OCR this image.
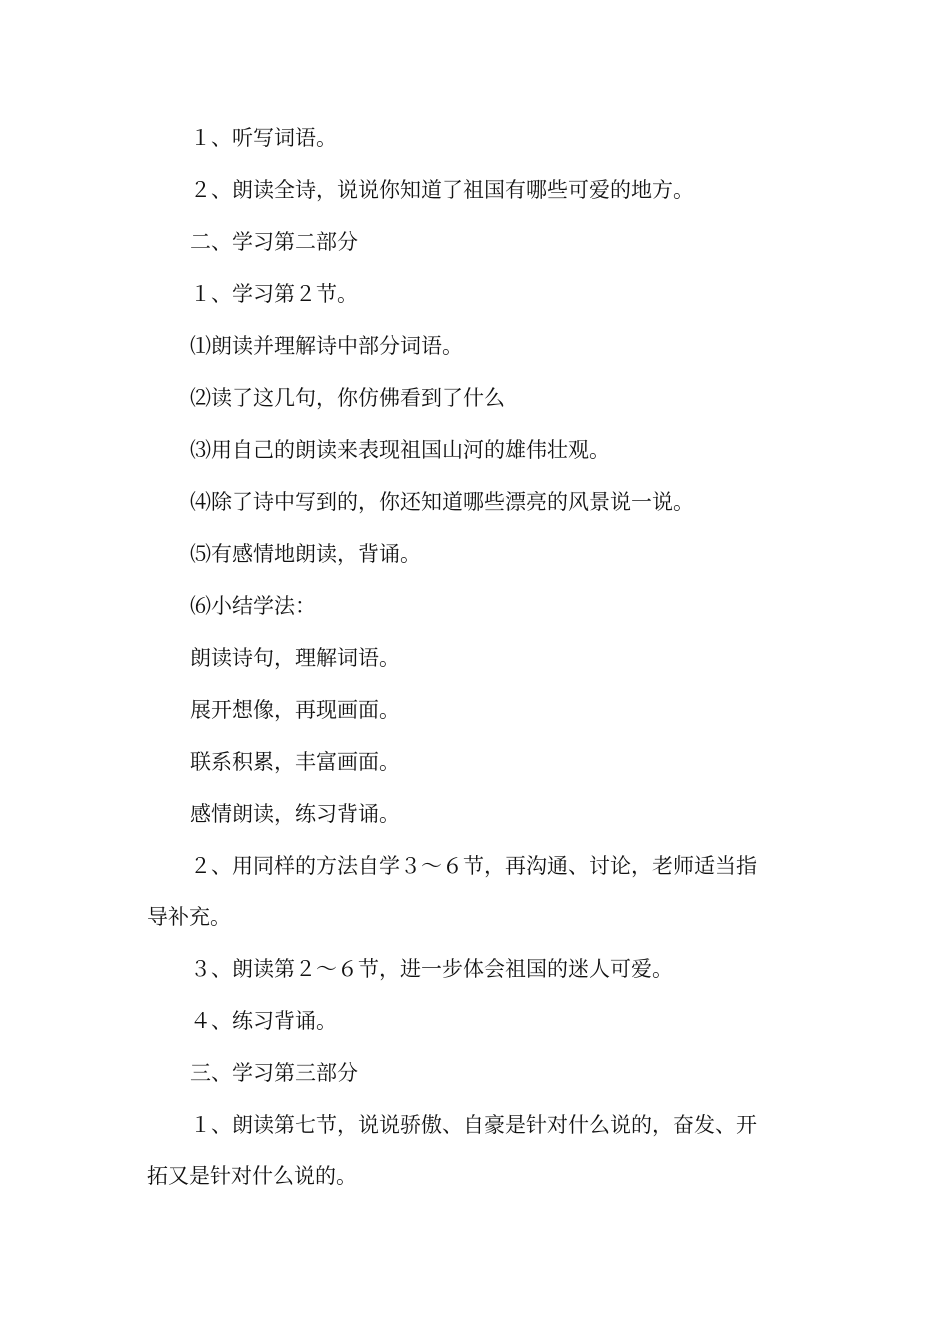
１、听写词语。
２、朗读全诗，说说你知道了祖国有哪些可爱的地方。
二、学习第二部分
１、学习第２节。
⑴朗读并理解诗中部分词语。
⑵读了这几句，你仿佛看到了什么
⑶用自己的朗读来表现祖国山河的雄伟壮观。
⑷除了诗中写到的，你还知道哪些漂亮的风景说一说。
⑸有感情地朗读，背诵。
⑹小结学法：
朗读诗句，理解词语。
展开想像，再现画面。
联系积累，丰富画面。
感情朗读，练习背诵。
２、用同样的方法自学３～６节，再沟通、讨论，老师适当指
导补充。
３、朗读第２～６节，进一步体会祖国的迷人可爱。
４、练习背诵。
三、学习第三部分
１、朗读第七节，说说骄傲、自豪是针对什么说的，奋发、开
拓又是针对什么说的。
